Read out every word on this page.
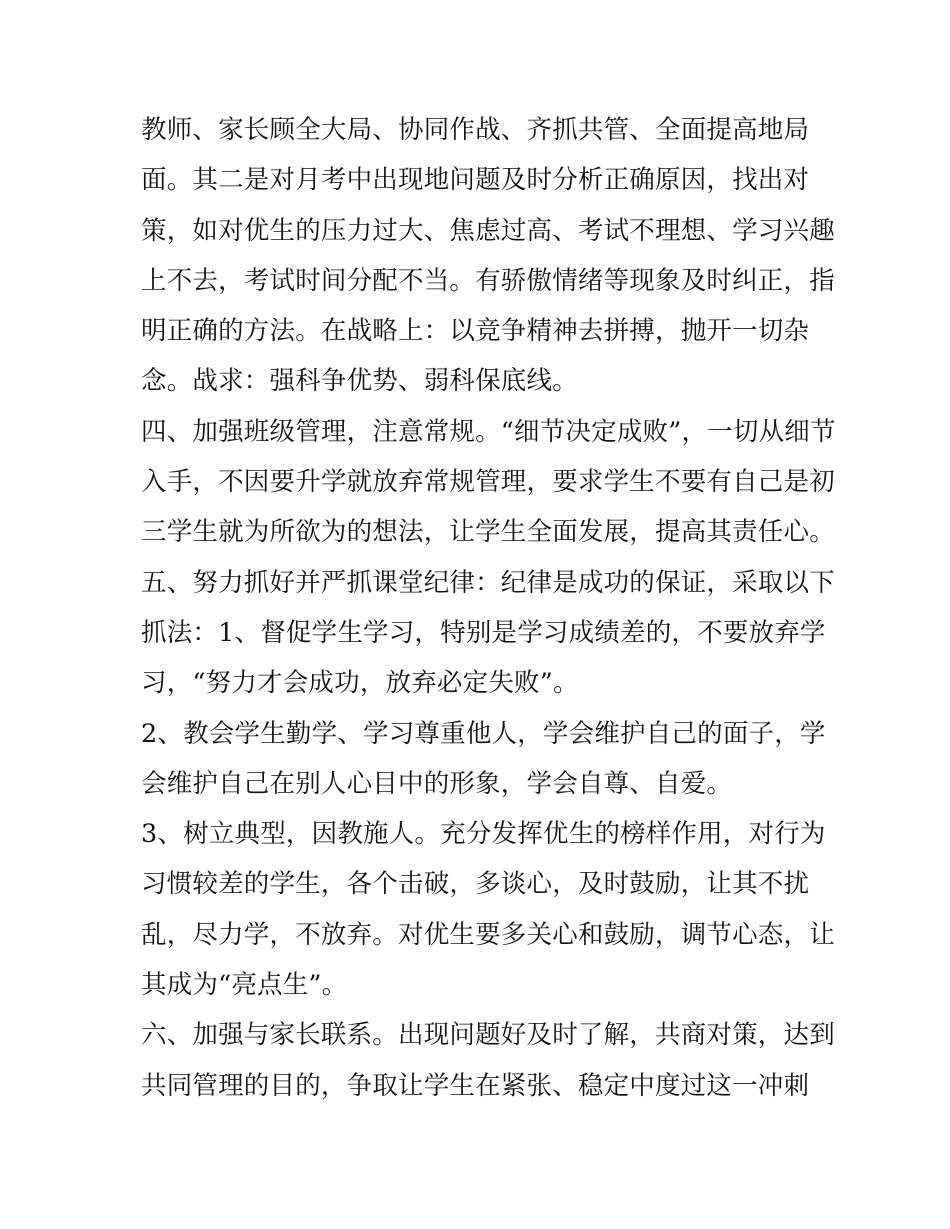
教师、家长顾全大局、协同作战、齐抓共管、全面提高地局
面。其二是对月考中出现地问题及时分析正确原因，找出对
策，如对优生的压力过大、焦虑过高、考试不理想、学习兴趣
上不去，考试时间分配不当。有骄傲情绪等现象及时纠正，指
明正确的方法。在战略上：以竞争精神去拼搏，抛开一切杂
念。战求：强科争优势、弱科保底线。
四、加强班级管理，注意常规。“细节决定成败”，一切从细节
入手，不因要升学就放弃常规管理，要求学生不要有自己是初
三学生就为所欲为的想法，让学生全面发展，提高其责任心。
五、努力抓好并严抓课堂纪律：纪律是成功的保证，采取以下
抓法：1、督促学生学习，特别是学习成绩差的，不要放弃学
习，“努力才会成功，放弃必定失败”。
2、教会学生勤学、学习尊重他人，学会维护自己的面子，学
会维护自己在别人心目中的形象，学会自尊、自爱。
3、树立典型，因教施人。充分发挥优生的榜样作用，对行为
习惯较差的学生，各个击破，多谈心，及时鼓励，让其不扰
乱，尽力学，不放弃。对优生要多关心和鼓励，调节心态，让
其成为“亮点生”。
六、加强与家长联系。出现问题好及时了解，共商对策，达到
共同管理的目的，争取让学生在紧张、稳定中度过这一冲刺
